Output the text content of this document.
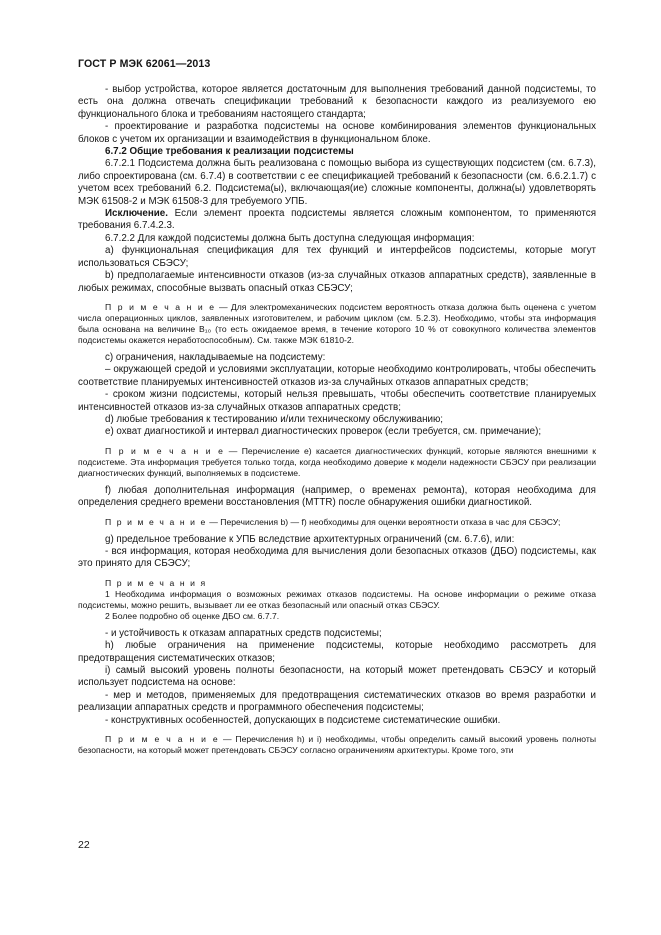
ГОСТ Р МЭК 62061—2013

- выбор устройства, которое является достаточным для выполнения требований данной подсистемы, то есть она должна отвечать спецификации требований к безопасности каждого из реализуемого ею функционального блока и требованиям настоящего стандарта;

- проектирование и разработка подсистемы на основе комбинирования элементов функциональных блоков с учетом их организации и взаимодействия в функциональном блоке.

6.7.2 Общие требования к реализации подсистемы

6.7.2.1 Подсистема должна быть реализована с помощью выбора из существующих подсистем (см. 6.7.3), либо спроектирована (см. 6.7.4) в соответствии с ее спецификацией требований к безопасности (см. 6.6.2.1.7) с учетом всех требований 6.2. Подсистема(ы), включающая(ие) сложные компоненты, должна(ы) удовлетворять МЭК 61508-2 и МЭК 61508-3 для требуемого УПБ.

Исключение. Если элемент проекта подсистемы является сложным компонентом, то применяются требования 6.7.4.2.3.

6.7.2.2 Для каждой подсистемы должна быть доступна следующая информация:

а) функциональная спецификация для тех функций и интерфейсов подсистемы, которые могут использоваться СБЭСУ;

b) предполагаемые интенсивности отказов (из-за случайных отказов аппаратных средств), заявленные в любых режимах, способные вызвать опасный отказ СБЭСУ;

П р и м е ч а н и е — Для электромеханических подсистем вероятность отказа должна быть оценена с учетом числа операционных циклов, заявленных изготовителем, и рабочим циклом (см. 5.2.3). Необходимо, чтобы эта информация была основана на величине B₁₀ (то есть ожидаемое время, в течение которого 10 % от совокупного количества элементов подсистемы окажется неработоспособным). См. также МЭК 61810-2.

c) ограничения, накладываемые на подсистему:

– окружающей средой и условиями эксплуатации, которые необходимо контролировать, чтобы обеспечить соответствие планируемых интенсивностей отказов из-за случайных отказов аппаратных средств;

- сроком жизни подсистемы, который нельзя превышать, чтобы обеспечить соответствие планируемых интенсивностей отказов из-за случайных отказов аппаратных средств;

d) любые требования к тестированию и/или техническому обслуживанию;

e) охват диагностикой и интервал диагностических проверок (если требуется, см. примечание);

П р и м е ч а н и е — Перечисление e) касается диагностических функций, которые являются внешними к подсистеме. Эта информация требуется только тогда, когда необходимо доверие к модели надежности СБЭСУ при реализации диагностических функций, выполняемых в подсистеме.

f) любая дополнительная информация (например, о временах ремонта), которая необходима для определения среднего времени восстановления (MTTR) после обнаружения ошибки диагностикой.

П р и м е ч а н и е — Перечисления b) — f) необходимы для оценки вероятности отказа в час для СБЭСУ;

g) предельное требование к УПБ вследствие архитектурных ограничений (см. 6.7.6), или:

- вся информация, которая необходима для вычисления доли безопасных отказов (ДБО) подсистемы, как это принято для СБЭСУ;

П р и м е ч а н и я

1 Необходима информация о возможных режимах отказов подсистемы. На основе информации о режиме отказа подсистемы, можно решить, вызывает ли ее отказ безопасный или опасный отказ СБЭСУ.

2 Более подробно об оценке ДБО см. 6.7.7.

- и устойчивость к отказам аппаратных средств подсистемы;

h) любые ограничения на применение подсистемы, которые необходимо рассмотреть для предотвращения систематических отказов;

i) самый высокий уровень полноты безопасности, на который может претендовать СБЭСУ и который использует подсистема на основе:

- мер и методов, применяемых для предотвращения систематических отказов во время разработки и реализации аппаратных средств и программного обеспечения подсистемы;

- конструктивных особенностей, допускающих в подсистеме систематические ошибки.

П р и м е ч а н и е — Перечисления h) и i) необходимы, чтобы определить самый высокий уровень полноты безопасности, на который может претендовать СБЭСУ согласно ограничениям архитектуры. Кроме того, эти

22
